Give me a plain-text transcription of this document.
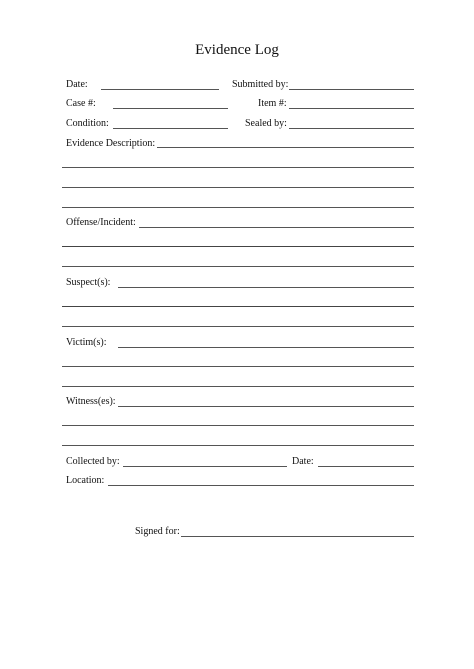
Evidence Log
Date:	Submitted by:
Case #:	Item #:
Condition:	Sealed by:
Evidence Description:
Offense/Incident:
Suspect(s):
Victim(s):
Witness(es):
Collected by:	Date:
Location:
Signed for:
